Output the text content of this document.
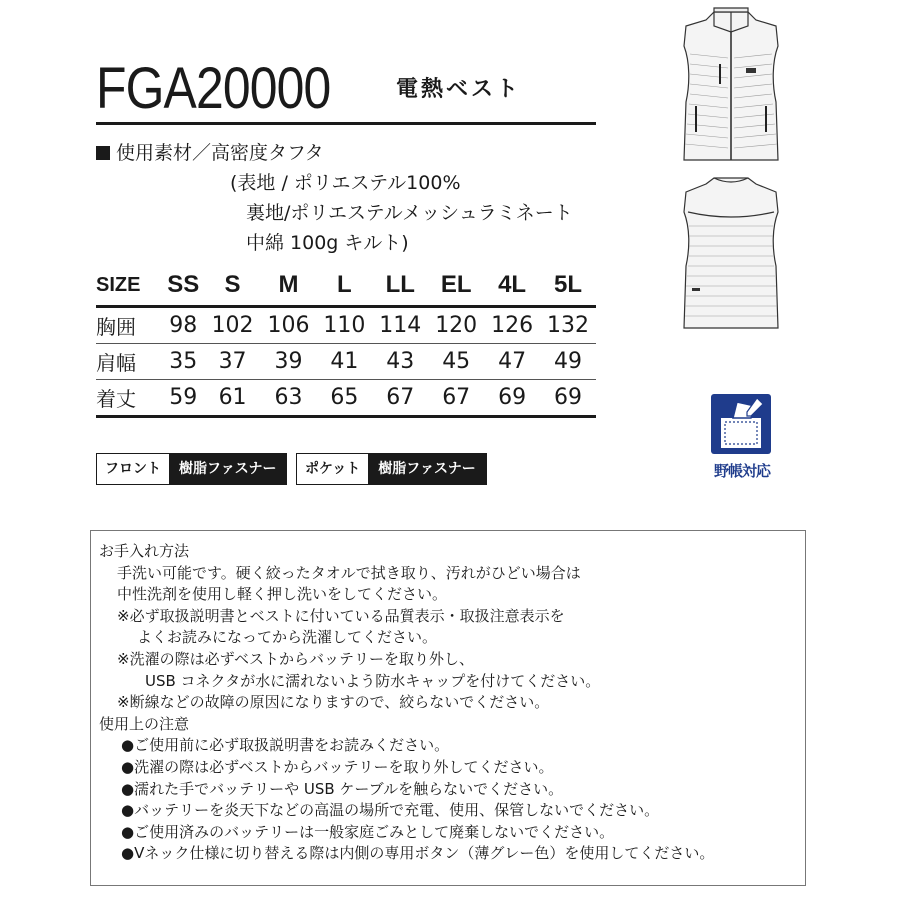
FGA20000	電熱ベスト
使用素材／高密度タフタ
(表地 / ポリエステル100%
裏地/ポリエステルメッシュラミネート
中綿 100g キルト)
SIZE	SS	S	M	L	LL	EL	4L	5L
胸囲	98	102	106	110	114	120	126	132
肩幅	35	37	39	41	43	45	47	49
着丈	59	61	63	65	67	67	69	69
フロント	樹脂ファスナー	ポケット	樹脂ファスナー	野帳対応
お手入れ方法
手洗い可能です。硬く絞ったタオルで拭き取り、汚れがひどい場合は
中性洗剤を使用し軽く押し洗いをしてください。
※必ず取扱説明書とベストに付いている品質表示・取扱注意表示を
よくお読みになってから洗濯してください。
※洗濯の際は必ずベストからバッテリーを取り外し、
USB コネクタが水に濡れないよう防水キャップを付けてください。
※断線などの故障の原因になりますので、絞らないでください。
使用上の注意
●ご使用前に必ず取扱説明書をお読みください。
●洗濯の際は必ずベストからバッテリーを取り外してください。
●濡れた手でバッテリーや USB ケーブルを触らないでください。
●バッテリーを炎天下などの高温の場所で充電、使用、保管しないでください。
●ご使用済みのバッテリーは一般家庭ごみとして廃棄しないでください。
●Vネック仕様に切り替える際は内側の専用ボタン（薄グレー色）を使用してください。
